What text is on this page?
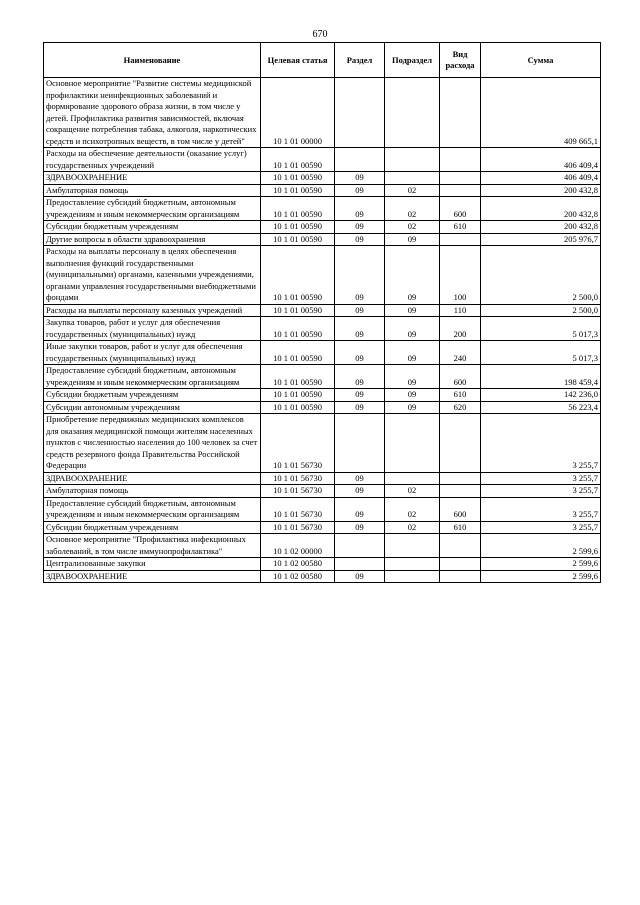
670
Наименование	Целевая статья	Раздел	Подраздел	Вид расхода	Сумма
Основное мероприятие "Развитие системы медицинской профилактики неинфекционных заболеваний и формирование здорового образа жизни, в том числе у детей. Профилактика развития зависимостей, включая сокращение потребления табака, алкоголя, наркотических средств и психотропных веществ, в том числе у детей"	10 1 01 00000				409 665,1
Расходы на обеспечение деятельности (оказание услуг) государственных учреждений	10 1 01 00590				406 409,4
ЗДРАВООХРАНЕНИЕ	10 1 01 00590	09			406 409,4
Амбулаторная помощь	10 1 01 00590	09	02		200 432,8
Предоставление субсидий бюджетным, автономным учреждениям и иным некоммерческим организациям	10 1 01 00590	09	02	600	200 432,8
Субсидии бюджетным учреждениям	10 1 01 00590	09	02	610	200 432,8
Другие вопросы в области здравоохранения	10 1 01 00590	09	09		205 976,7
Расходы на выплаты персоналу в целях обеспечения выполнения функций государственными (муниципальными) органами, казенными учреждениями, органами управления государственными внебюджетными фондами	10 1 01 00590	09	09	100	2 500,0
Расходы на выплаты персоналу казенных учреждений	10 1 01 00590	09	09	110	2 500,0
Закупка товаров, работ и услуг для обеспечения государственных (муниципальных) нужд	10 1 01 00590	09	09	200	5 017,3
Иные закупки товаров, работ и услуг для обеспечения государственных (муниципальных) нужд	10 1 01 00590	09	09	240	5 017,3
Предоставление субсидий бюджетным, автономным учреждениям и иным некоммерческим организациям	10 1 01 00590	09	09	600	198 459,4
Субсидии бюджетным учреждениям	10 1 01 00590	09	09	610	142 236,0
Субсидии автономным учреждениям	10 1 01 00590	09	09	620	56 223,4
Приобретение передвижных медицинских комплексов для оказания медицинской помощи жителям населенных пунктов с численностью населения до 100 человек за счет средств резервного фонда Правительства Российской Федерации	10 1 01 56730				3 255,7
ЗДРАВООХРАНЕНИЕ	10 1 01 56730	09			3 255,7
Амбулаторная помощь	10 1 01 56730	09	02		3 255,7
Предоставление субсидий бюджетным, автономным учреждениям и иным некоммерческим организациям	10 1 01 56730	09	02	600	3 255,7
Субсидии бюджетным учреждениям	10 1 01 56730	09	02	610	3 255,7
Основное мероприятие "Профилактика инфекционных заболеваний, в том числе иммунопрофилактика"	10 1 02 00000				2 599,6
Централизованные закупки	10 1 02 00580				2 599,6
ЗДРАВООХРАНЕНИЕ	10 1 02 00580	09			2 599,6
